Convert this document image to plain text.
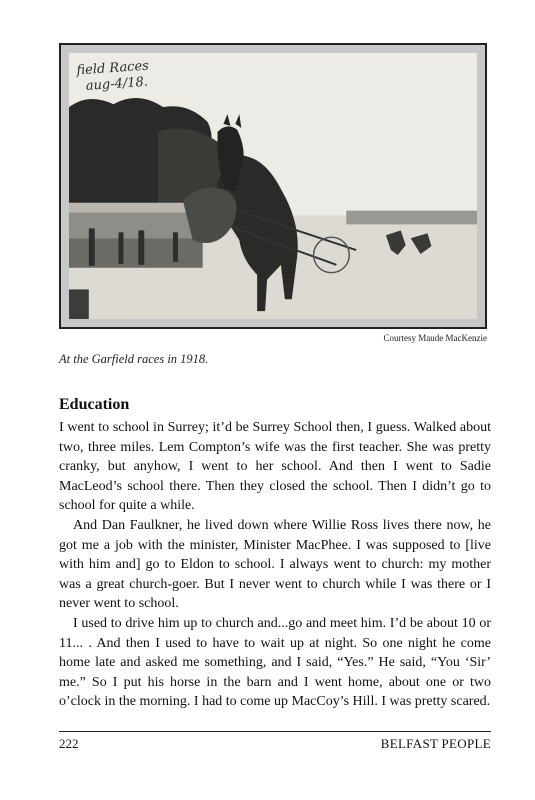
field Races
aug-4/18.
Courtesy Maude MacKenzie
At the Garfield races in 1918.
Education

I went to school in Surrey; it’d be Surrey School then, I guess. Walked about two, three miles. Lem Compton’s wife was the first teacher. She was pretty cranky, but anyhow, I went to her school. And then I went to Sadie MacLeod’s school there. Then they closed the school. Then I didn’t go to school for quite a while.

And Dan Faulkner, he lived down where Willie Ross lives there now, he got me a job with the minister, Minister MacPhee. I was supposed to [live with him and] go to Eldon to school. I always went to church: my mother was a great church-goer. But I never went to church while I was there or I never went to school.

I used to drive him up to church and...go and meet him. I’d be about 10 or 11... . And then I used to have to wait up at night. So one night he come home late and asked me something, and I said, “Yes.” He said, “You ‘Sir’ me.” So I put his horse in the barn and I went home, about one or two o’clock in the morning. I had to come up MacCoy’s Hill. I was pretty scared.

222	BELFAST PEOPLE
